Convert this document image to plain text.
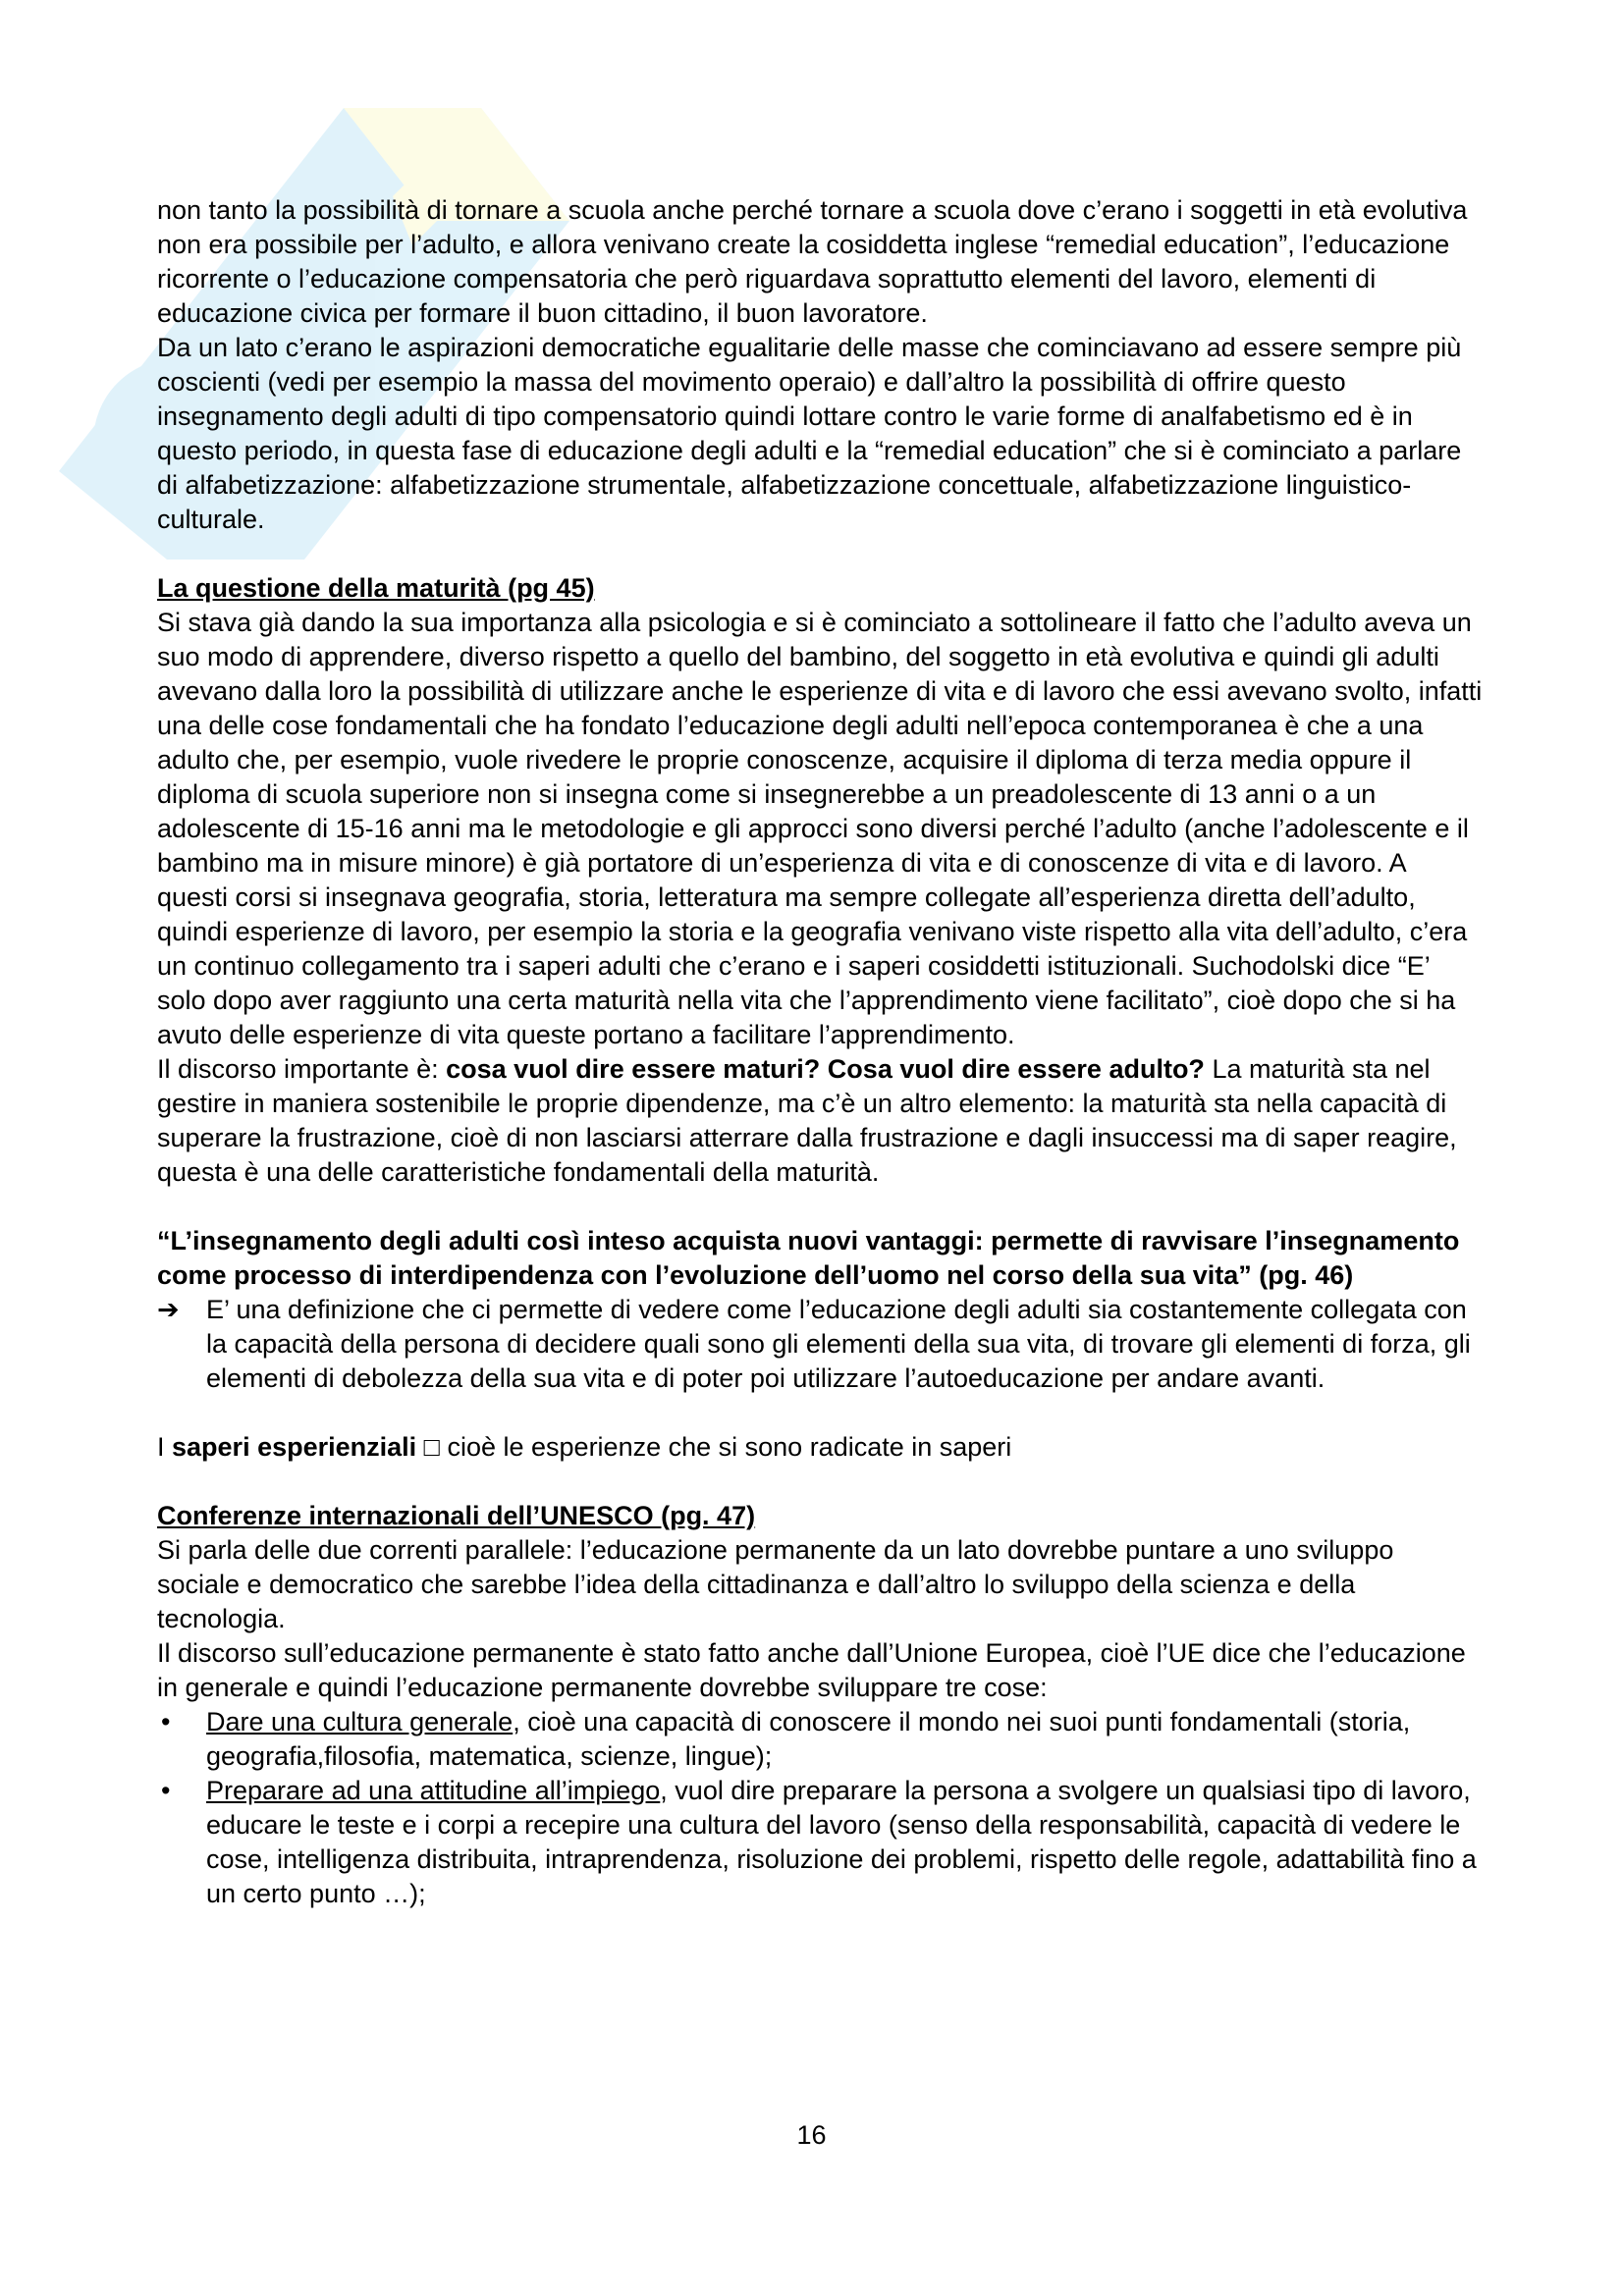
non tanto la possibilità di tornare a scuola anche perché tornare a scuola dove c’erano i soggetti in età evolutiva non era possibile per l’adulto, e allora venivano create la cosiddetta inglese “remedial education”, l’educazione ricorrente o l’educazione compensatoria che però riguardava soprattutto elementi del lavoro, elementi di educazione civica per formare il buon cittadino, il buon lavoratore.

Da un lato c’erano le aspirazioni democratiche egualitarie delle masse che cominciavano ad essere sempre più coscienti (vedi per esempio la massa del movimento operaio) e dall’altro la possibilità di offrire questo insegnamento degli adulti di tipo compensatorio quindi lottare contro le varie forme di analfabetismo ed è in questo periodo, in questa fase di educazione degli adulti e la “remedial education” che si è cominciato a parlare di alfabetizzazione: alfabetizzazione strumentale, alfabetizzazione concettuale, alfabetizzazione linguistico-culturale.

La questione della maturità (pg 45)

Si stava già dando la sua importanza alla psicologia e si è cominciato a sottolineare il fatto che l’adulto aveva un suo modo di apprendere, diverso rispetto a quello del bambino, del soggetto in età evolutiva e quindi gli adulti avevano dalla loro la possibilità di utilizzare anche le esperienze di vita e di lavoro che essi avevano svolto, infatti una delle cose fondamentali che ha fondato l’educazione degli adulti nell’epoca contemporanea è che a una adulto che, per esempio, vuole rivedere le proprie conoscenze, acquisire il diploma di terza media oppure il diploma di scuola superiore non si insegna come si insegnerebbe a un preadolescente di 13 anni o a un adolescente di 15-16 anni ma le metodologie e gli approcci sono diversi perché l’adulto (anche l’adolescente e il bambino ma in misure minore) è già portatore di un’esperienza di vita e di conoscenze di vita e di lavoro. A questi corsi si insegnava geografia, storia, letteratura ma sempre collegate all’esperienza diretta dell’adulto, quindi esperienze di lavoro, per esempio la storia e la geografia venivano viste rispetto alla vita dell’adulto, c’era un continuo collegamento tra i saperi adulti che c’erano e i saperi cosiddetti istituzionali. Suchodolski dice “E’ solo dopo aver raggiunto una certa maturità nella vita che l’apprendimento viene facilitato”, cioè dopo che si ha avuto delle esperienze di vita queste portano a facilitare l’apprendimento.

Il discorso importante è: cosa vuol dire essere maturi? Cosa vuol dire essere adulto? La maturità sta nel gestire in maniera sostenibile le proprie dipendenze, ma c’è un altro elemento: la maturità sta nella capacità di superare la frustrazione, cioè di non lasciarsi atterrare dalla frustrazione e dagli insuccessi ma di saper reagire, questa è una delle caratteristiche fondamentali della maturità.

“L’insegnamento degli adulti così inteso acquista nuovi vantaggi: permette di ravvisare l’insegnamento come processo di interdipendenza con l’evoluzione dell’uomo nel corso della sua vita” (pg. 46)

➔ E’ una definizione che ci permette di vedere come l’educazione degli adulti sia costantemente collegata con la capacità della persona di decidere quali sono gli elementi della sua vita, di trovare gli elementi di forza, gli elementi di debolezza della sua vita e di poter poi utilizzare l’autoeducazione per andare avanti.

I saperi esperienziali □ cioè le esperienze che si sono radicate in saperi

Conferenze internazionali dell’UNESCO (pg. 47)

Si parla delle due correnti parallele: l’educazione permanente da un lato dovrebbe puntare a uno sviluppo sociale e democratico che sarebbe l’idea della cittadinanza e dall’altro lo sviluppo della scienza e della tecnologia.

Il discorso sull’educazione permanente è stato fatto anche dall’Unione Europea, cioè l’UE dice che l’educazione in generale e quindi l’educazione permanente dovrebbe sviluppare tre cose:

•	Dare una cultura generale, cioè una capacità di conoscere il mondo nei suoi punti fondamentali (storia, geografia,filosofia, matematica, scienze, lingue);
•	Preparare ad una attitudine all’impiego, vuol dire preparare la persona a svolgere un qualsiasi tipo di lavoro, educare le teste e i corpi a recepire una cultura del lavoro (senso della responsabilità, capacità di vedere le cose, intelligenza distribuita, intraprendenza, risoluzione dei problemi, rispetto delle regole, adattabilità fino a un certo punto …);
16
